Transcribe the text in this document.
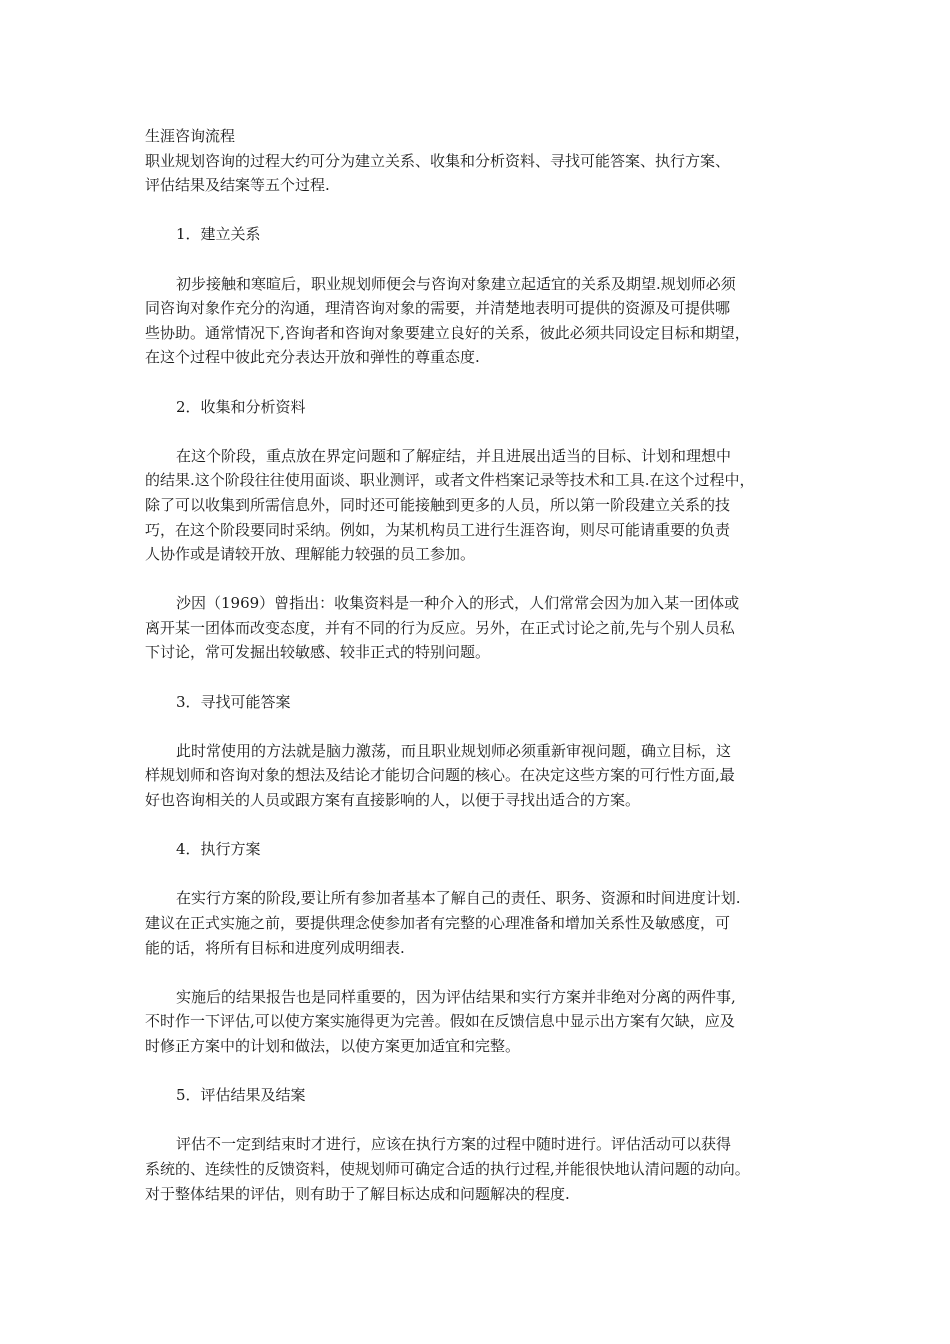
生涯咨询流程
职业规划咨询的过程大约可分为建立关系、收集和分析资料、寻找可能答案、执行方案、
评估结果及结案等五个过程.
1．建立关系
初步接触和寒暄后，职业规划师便会与咨询对象建立起适宜的关系及期望.规划师必须
同咨询对象作充分的沟通，理清咨询对象的需要，并清楚地表明可提供的资源及可提供哪
些协助。通常情况下,咨询者和咨询对象要建立良好的关系，彼此必须共同设定目标和期望，
在这个过程中彼此充分表达开放和弹性的尊重态度.
2．收集和分析资料
在这个阶段，重点放在界定问题和了解症结，并且进展出适当的目标、计划和理想中
的结果.这个阶段往往使用面谈、职业测评，或者文件档案记录等技术和工具.在这个过程中，
除了可以收集到所需信息外，同时还可能接触到更多的人员，所以第一阶段建立关系的技
巧，在这个阶段要同时采纳。例如，为某机构员工进行生涯咨询，则尽可能请重要的负责
人协作或是请较开放、理解能力较强的员工参加。
沙因（1969）曾指出：收集资料是一种介入的形式，人们常常会因为加入某一团体或
离开某一团体而改变态度，并有不同的行为反应。另外，在正式讨论之前,先与个别人员私
下讨论，常可发掘出较敏感、较非正式的特别问题。
3．寻找可能答案
此时常使用的方法就是脑力激荡，而且职业规划师必须重新审视问题，确立目标，这
样规划师和咨询对象的想法及结论才能切合问题的核心。在决定这些方案的可行性方面,最
好也咨询相关的人员或跟方案有直接影响的人，以便于寻找出适合的方案。
4．执行方案
在实行方案的阶段,要让所有参加者基本了解自己的责任、职务、资源和时间进度计划.
建议在正式实施之前，要提供理念使参加者有完整的心理准备和增加关系性及敏感度，可
能的话，将所有目标和进度列成明细表.
实施后的结果报告也是同样重要的，因为评估结果和实行方案并非绝对分离的两件事,
不时作一下评估,可以使方案实施得更为完善。假如在反馈信息中显示出方案有欠缺，应及
时修正方案中的计划和做法，以使方案更加适宜和完整。
5．评估结果及结案
评估不一定到结束时才进行，应该在执行方案的过程中随时进行。评估活动可以获得
系统的、连续性的反馈资料，使规划师可确定合适的执行过程,并能很快地认清问题的动向。
对于整体结果的评估，则有助于了解目标达成和问题解决的程度.
